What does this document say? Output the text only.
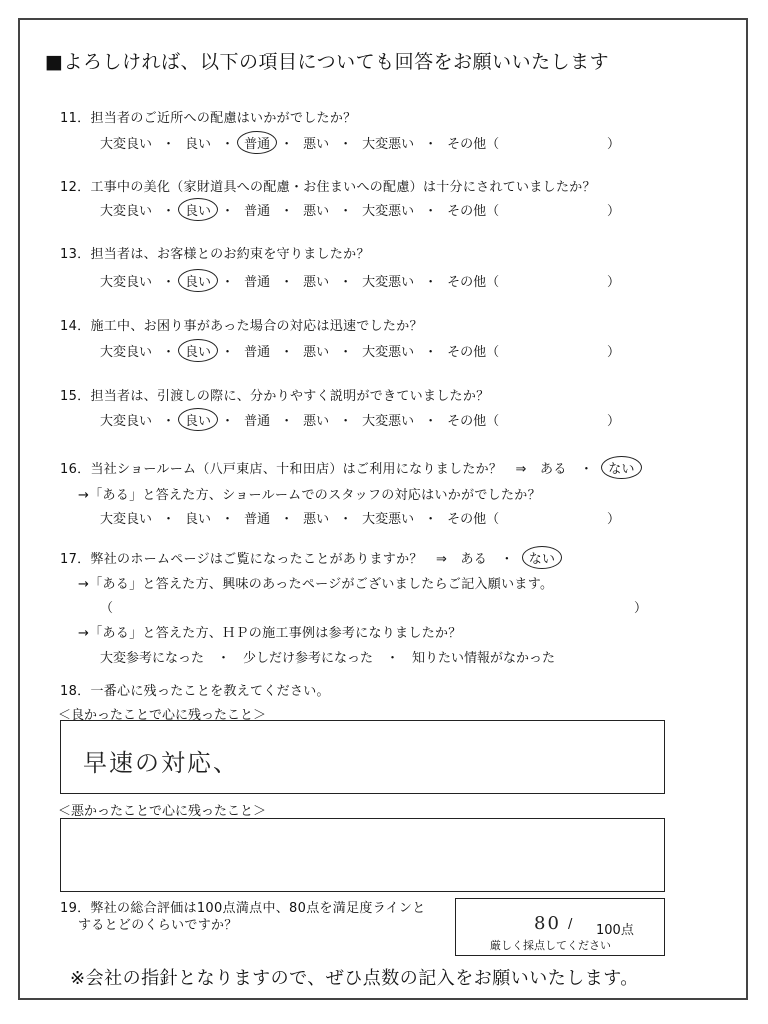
■よろしければ、以下の項目についても回答をお願いいたします
11．担当者のご近所への配慮はいかがでしたか？
大変良い ・ 良い ・ 普通 ・ 悪い ・ 大変悪い ・ その他（	）
12．工事中の美化（家財道具への配慮・お住まいへの配慮）は十分にされていましたか？
大変良い ・ 良い ・ 普通 ・ 悪い ・ 大変悪い ・ その他（	）
13．担当者は、お客様とのお約束を守りましたか？
大変良い ・ 良い ・ 普通 ・ 悪い ・ 大変悪い ・ その他（	）
14．施工中、お困り事があった場合の対応は迅速でしたか？
大変良い ・ 良い ・ 普通 ・ 悪い ・ 大変悪い ・ その他（	）
15．担当者は、引渡しの際に、分かりやすく説明ができていましたか？
大変良い ・ 良い ・ 普通 ・ 悪い ・ 大変悪い ・ その他（	）
16．当社ショールーム（八戸東店、十和田店）はご利用になりましたか？　⇒　ある　・ ない
→「ある」と答えた方、ショールームでのスタッフの対応はいかがでしたか？
大変良い ・ 良い ・ 普通 ・ 悪い ・ 大変悪い ・ その他（	）
17．弊社のホームページはご覧になったことがありますか？　⇒　ある　・ ない
→「ある」と答えた方、興味のあったページがございましたらご記入願います。
（	）
→「ある」と答えた方、ＨＰの施工事例は参考になりましたか？
大変参考になった　・　少しだけ参考になった　・　知りたい情報がなかった
18．一番心に残ったことを教えてください。
＜良かったことで心に残ったこと＞
早速の対応、
＜悪かったことで心に残ったこと＞
19．弊社の総合評価は100点満点中、80点を満足度ラインと
するとどのくらいですか？	80 / 100点
厳しく採点してください
※会社の指針となりますので、ぜひ点数の記入をお願いいたします。
